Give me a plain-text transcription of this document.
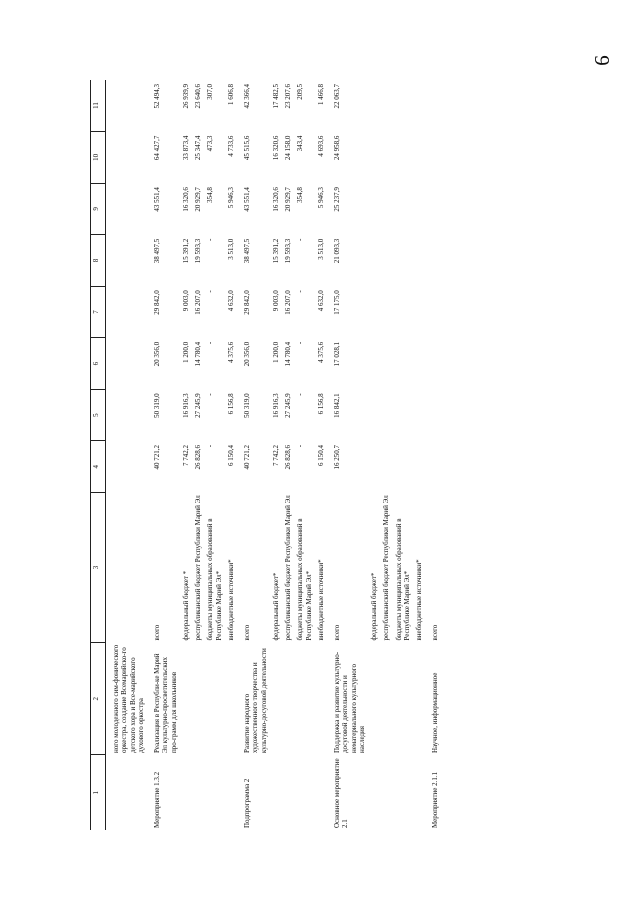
9
1	2	3	4	5	6	7	8	9	10	11
	ного молодежного сим-фонического оркестра, создание Всемарийско-го детского хора и Все-марийского духового оркестра									
Мероприятие 1.3.2	Реализация в Республи-ке Марий Эл культурно-просветительских про-грамм для школьников	всего	40 721,2	50 319,0	20 356,0	29 842,0	38 497,5	43 551,4	64 427,7	52 494,3
		федеральный бюджет *	7 742,2	16 916,3	1 200,0	9 003,0	15 391,2	16 320,6	33 873,4	26 939,9
		республиканский бюджет Республики Марий Эл	26 828,6	27 245,9	14 780,4	16 207,0	19 593,3	20 929,7	25 347,4	23 640,6
		бюджеты муниципальных образований в Республике Марий Эл*	-	-	-	-	-	354,8	473,3	307,0
		внебюджетные источники*	6 150,4	6 156,8	4 375,6	4 632,0	3 513,0	5 946,3	4 733,6	1 606,8
Подпрограмма 2	Развитие народного художественного творчества и культурно-досуговой деятельности	всего	40 721,2	50 319,0	20 356,0	29 842,0	38 497,5	43 551,4	45 515,6	42 366,4
		федеральный бюджет*	7 742,2	16 916,3	1 200,0	9 003,0	15 391,2	16 320,6	16 320,6	17 482,5
		республиканский бюджет Республики Марий Эл	26 828,6	27 245,9	14 780,4	16 207,0	19 593,3	20 929,7	24 158,0	23 207,6
		бюджеты муниципальных образований в Республике Марий Эл*	-	-	-	-	-	354,8	343,4	209,5
		внебюджетные источники*	6 150,4	6 156,8	4 375,6	4 632,0	3 513,0	5 946,3	4 693,6	1 466,8
Основное мероприятие 2.1	Поддержка и развитие культурно-досуговой деятельности и нематериального культурного наследия	всего	16 250,7	16 842,1	17 028,1	17 175,0	21 093,3	25 237,9	24 958,6	22 063,7
		федеральный бюджет*								
		республиканский бюджет Республики Марий Эл								
		бюджеты муниципальных образований в Республике Марий Эл*								
		внебюджетные источники*								
Мероприятие 2.1.1	Научное, информационное	всего								
